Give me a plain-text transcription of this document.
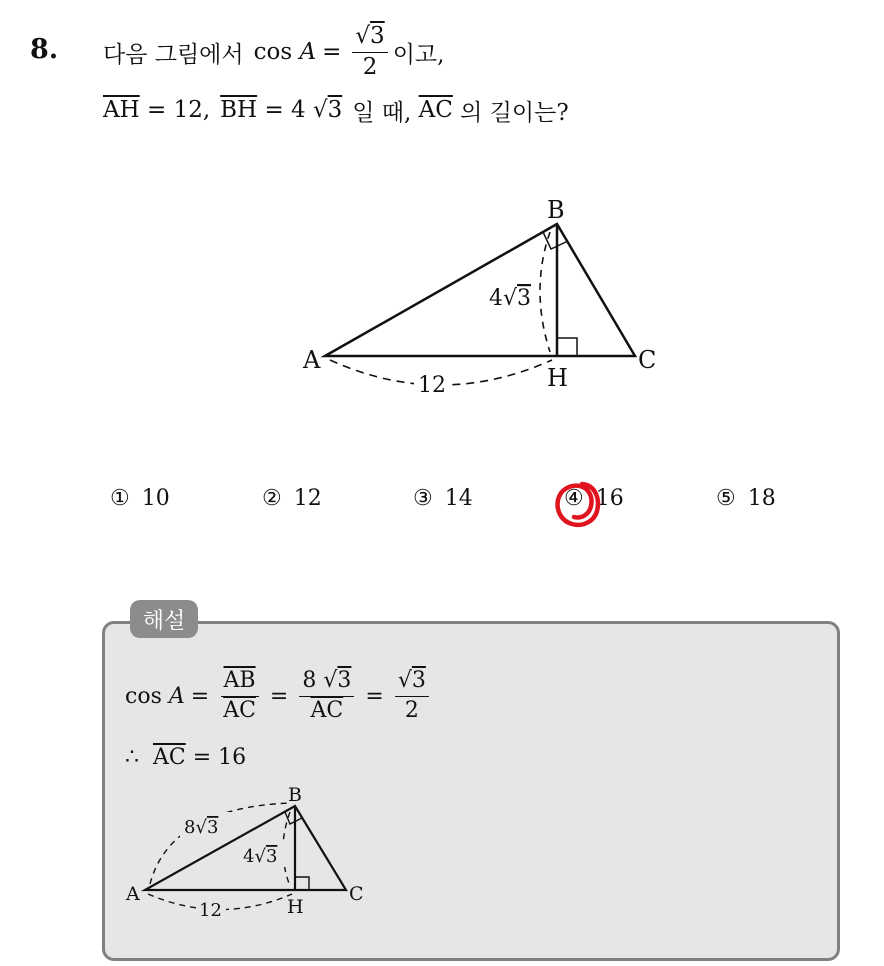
8. 다음 그림에서 cos
$A = \frac{√3}{2}$ 이고,
$\overline{AH}$
= 12, $\overline{BH}$
= 4
√3 일 때,
$\overline{AC}$
의 길이는?
A
B
C
H
4√3
12
① 10	② 12	③ 14	④ 16	⑤ 18
해설
cos
$A = \frac{\overline{AB}}{AC} = \frac{8 √3}{AC} = \frac{√3}{2}$
∴
$\overline{AC}$
= 16
A
B
C
H
8√3
4√3
12
